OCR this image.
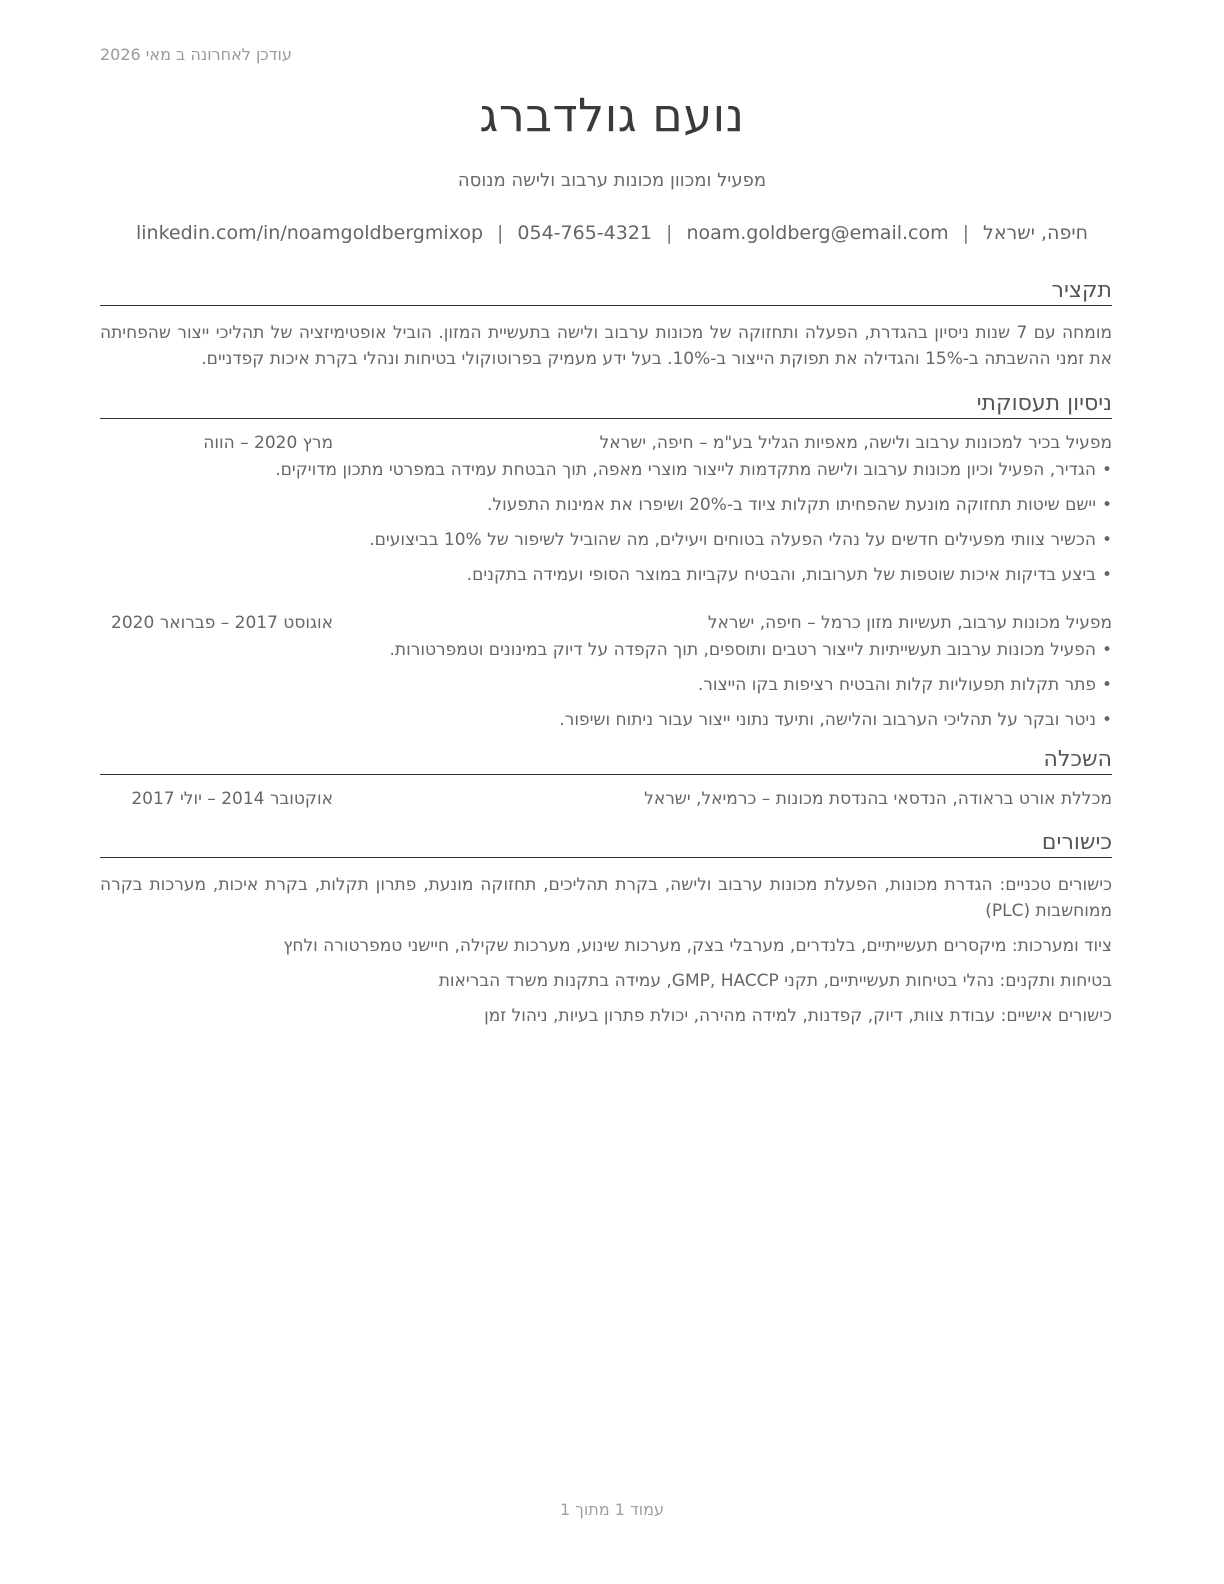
עודכן לאחרונה ב מאי 2026
נועם גולדברג
מפעיל ומכוון מכונות ערבוב ולישה מנוסה
חיפה, ישראל|noam.goldberg@email.com|054-765-4321|linkedin.com/in/noamgoldbergmixop
תקציר

מומחה עם 7 שנות ניסיון בהגדרת, הפעלה ותחזוקה של מכונות ערבוב ולישה בתעשיית המזון. הוביל אופטימיזציה של תהליכי ייצור שהפחיתה את זמני ההשבתה ב-15% והגדילה את תפוקת הייצור ב-10%. בעל ידע מעמיק בפרוטוקולי בטיחות ונהלי בקרת איכות קפדניים.

ניסיון תעסוקתי
מפעיל בכיר למכונות ערבוב ולישה, מאפיות הגליל בע"מ – חיפה, ישראל
מרץ 2020 – הווה
• הגדיר, הפעיל וכיון מכונות ערבוב ולישה מתקדמות לייצור מוצרי מאפה, תוך הבטחת עמידה במפרטי מתכון מדויקים.
• יישם שיטות תחזוקה מונעת שהפחיתו תקלות ציוד ב-20% ושיפרו את אמינות התפעול.
• הכשיר צוותי מפעילים חדשים על נהלי הפעלה בטוחים ויעילים, מה שהוביל לשיפור של 10% בביצועים.
• ביצע בדיקות איכות שוטפות של תערובות, והבטיח עקביות במוצר הסופי ועמידה בתקנים.
מפעיל מכונות ערבוב, תעשיות מזון כרמל – חיפה, ישראל
אוגוסט 2017 – פברואר 2020
• הפעיל מכונות ערבוב תעשייתיות לייצור רטבים ותוספים, תוך הקפדה על דיוק במינונים וטמפרטורות.
• פתר תקלות תפעוליות קלות והבטיח רציפות בקו הייצור.
• ניטר ובקר על תהליכי הערבוב והלישה, ותיעד נתוני ייצור עבור ניתוח ושיפור.
השכלה
מכללת אורט בראודה, הנדסאי בהנדסת מכונות – כרמיאל, ישראל
אוקטובר 2014 – יולי 2017
כישורים

כישורים טכניים: הגדרת מכונות, הפעלת מכונות ערבוב ולישה, בקרת תהליכים, תחזוקה מונעת, פתרון תקלות, בקרת איכות, מערכות בקרה ממוחשבות (PLC)

ציוד ומערכות: מיקסרים תעשייתיים, בלנדרים, מערבלי בצק, מערכות שינוע, מערכות שקילה, חיישני טמפרטורה ולחץ

בטיחות ותקנים: נהלי בטיחות תעשייתיים, תקני GMP, HACCP, עמידה בתקנות משרד הבריאות

כישורים אישיים: עבודת צוות, דיוק, קפדנות, למידה מהירה, יכולת פתרון בעיות, ניהול זמן

עמוד 1 מתוך 1
